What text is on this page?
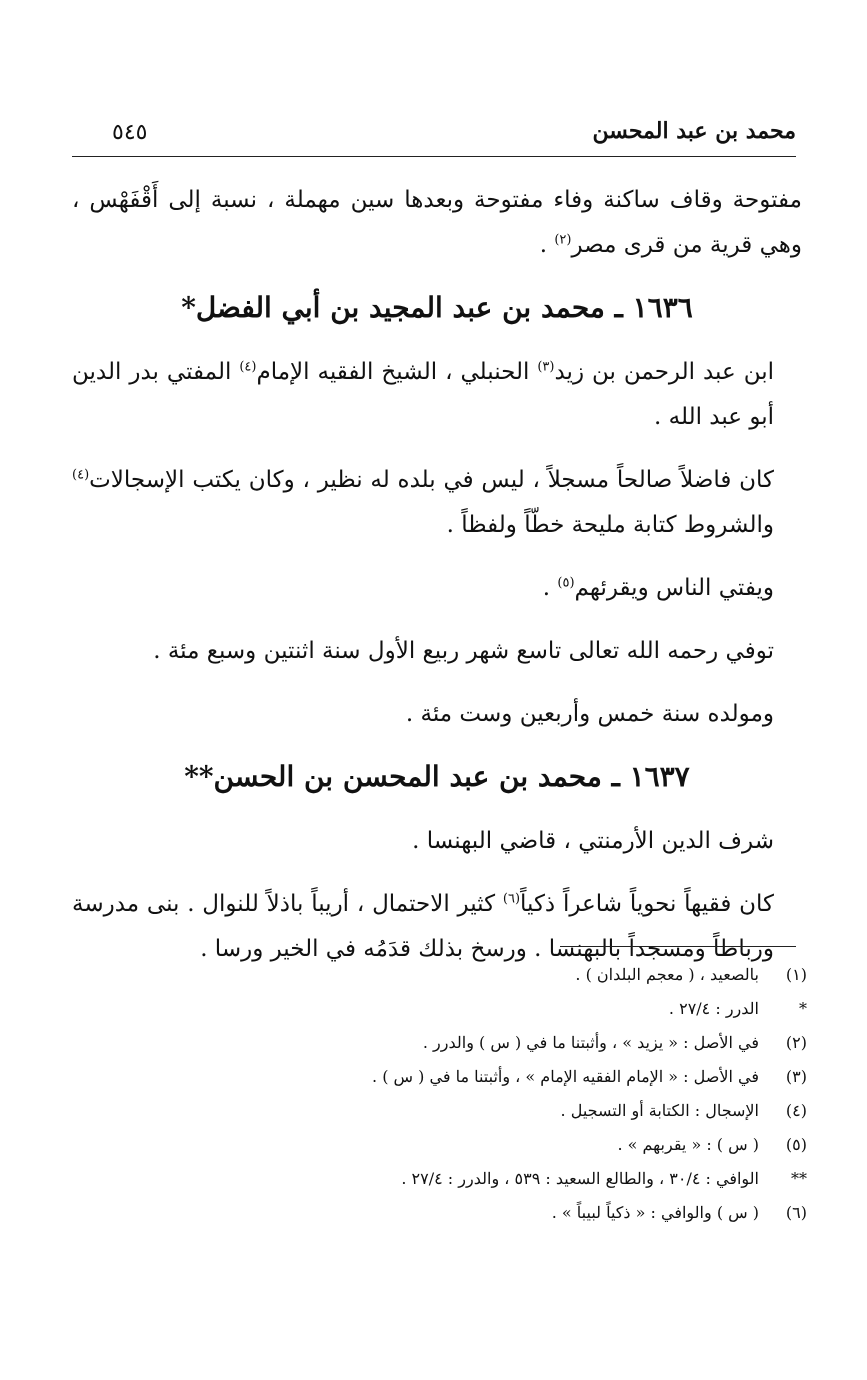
محمد بن عبد المحسن
٥٤٥

مفتوحة وقاف ساكنة وفاء مفتوحة وبعدها سين مهملة ، نسبة إلى أَقْفَهْس ، وهي قرية من قرى مصر$^{(٢)}$ .

١٦٣٦ ـ محمد بن عبد المجيد بن أبي الفضل*

ابن عبد الرحمن بن زيد$^{(٣)}$ الحنبلي ، الشيخ الفقيه الإمام$^{(٤)}$ المفتي بدر الدين أبو عبد الله .

كان فاضلاً صالحاً مسجلاً ، ليس في بلده له نظير ، وكان يكتب الإسجالات$^{(٤)}$ والشروط كتابة مليحة خطّاً ولفظاً .

ويفتي الناس ويقرئهم$^{(٥)}$ .

توفي رحمه الله تعالى تاسع شهر ربيع الأول سنة اثنتين وسبع مئة .

ومولده سنة خمس وأربعين وست مئة .

١٦٣٧ ـ محمد بن عبد المحسن بن الحسن**

شرف الدين الأرمنتي ، قاضي البهنسا .

كان فقيهاً نحوياً شاعراً ذكياً$^{(٦)}$ كثير الاحتمال ، أريباً باذلاً للنوال . بنى مدرسة ورباطاً ومسجداً بالبهنسا . ورسخ بذلك قدَمُه في الخير ورسا .

(١)
بالصعيد ، ( معجم البلدان ) .
*
الدرر : ٢٧/٤ .
(٢)
في الأصل : « يزيد » ، وأثبتنا ما في ( س ) والدرر .
(٣)
في الأصل : « الإمام الفقيه الإمام » ، وأثبتنا ما في ( س ) .
(٤)
الإسجال : الكتابة أو التسجيل .
(٥)
( س ) : « يقربهم » .
**
الوافي : ٣٠/٤ ، والطالع السعيد : ٥٣٩ ، والدرر : ٢٧/٤ .
(٦)
( س ) والوافي : « ذكياً لبيباً » .
